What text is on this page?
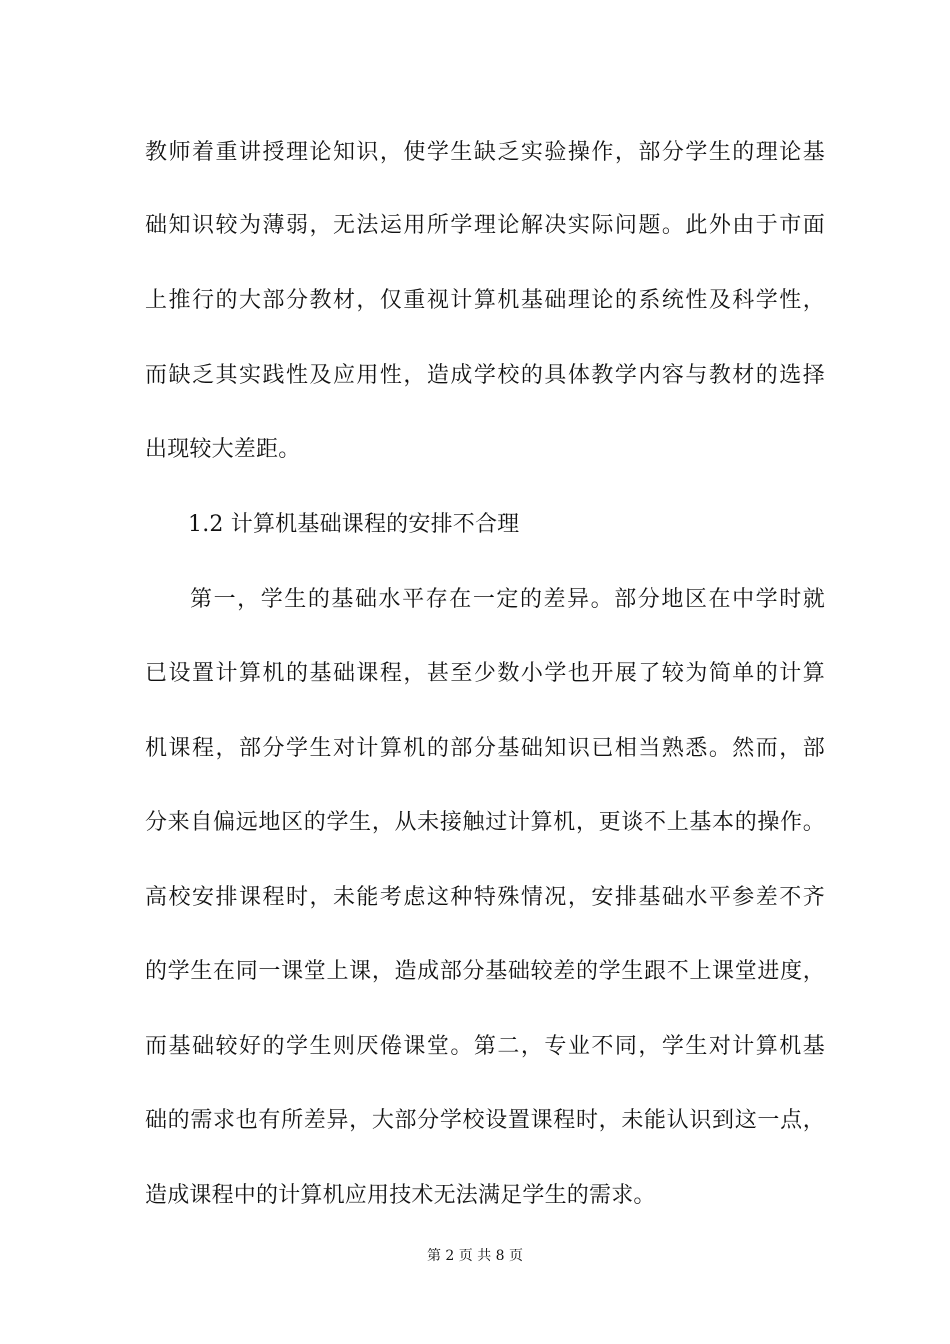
教师着重讲授理论知识，使学生缺乏实验操作，部分学生的理论基
础知识较为薄弱，无法运用所学理论解决实际问题。此外由于市面
上推行的大部分教材，仅重视计算机基础理论的系统性及科学性，
而缺乏其实践性及应用性，造成学校的具体教学内容与教材的选择
出现较大差距。
1.2 计算机基础课程的安排不合理
第一，学生的基础水平存在一定的差异。部分地区在中学时就
已设置计算机的基础课程，甚至少数小学也开展了较为简单的计算
机课程，部分学生对计算机的部分基础知识已相当熟悉。然而，部
分来自偏远地区的学生，从未接触过计算机，更谈不上基本的操作。
高校安排课程时，未能考虑这种特殊情况，安排基础水平参差不齐
的学生在同一课堂上课，造成部分基础较差的学生跟不上课堂进度，
而基础较好的学生则厌倦课堂。第二，专业不同，学生对计算机基
础的需求也有所差异，大部分学校设置课程时，未能认识到这一点，
造成课程中的计算机应用技术无法满足学生的需求。
第 2 页 共 8 页
